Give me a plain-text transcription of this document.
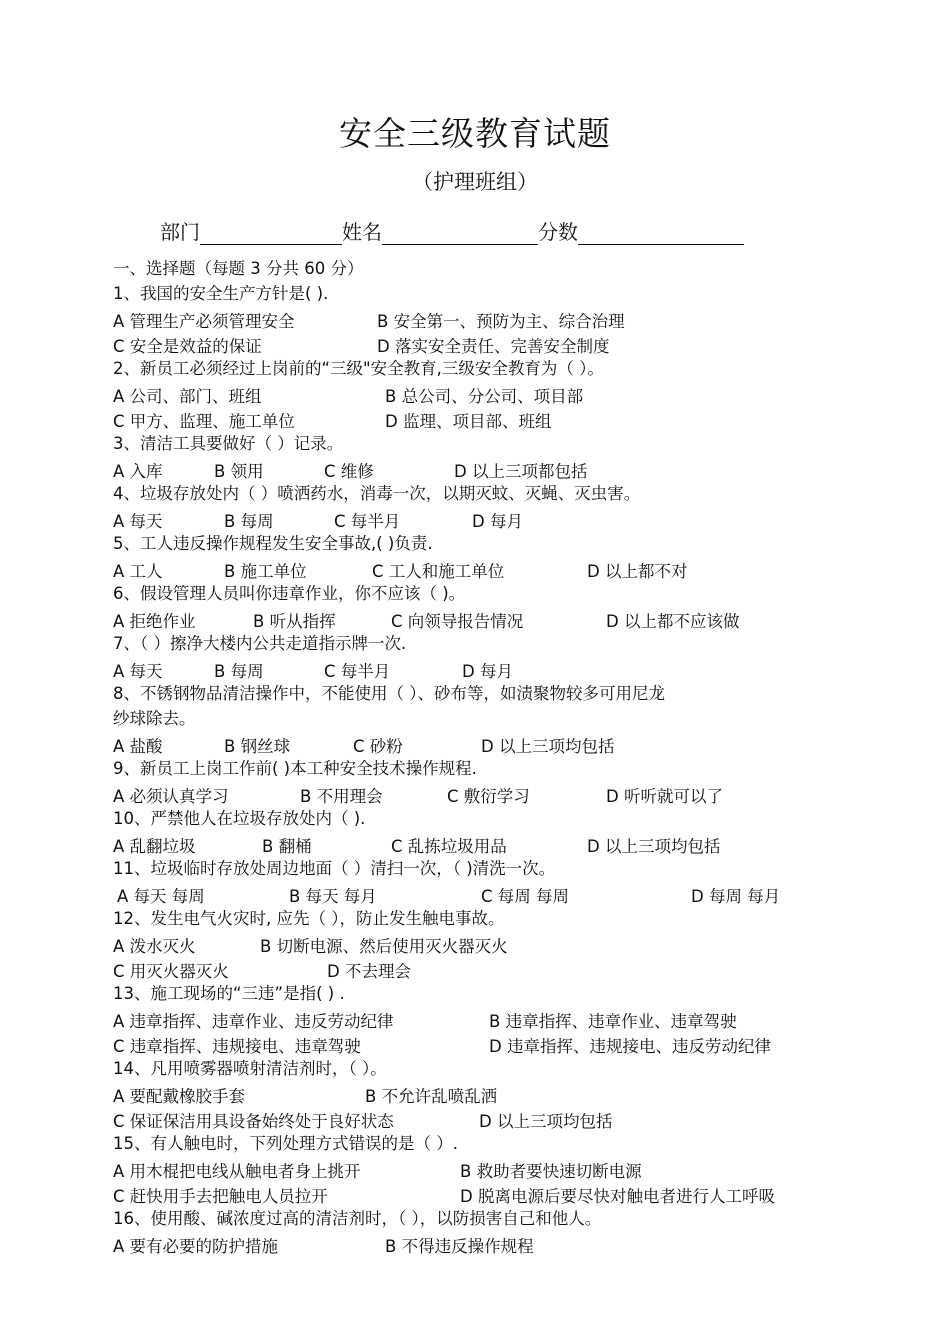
安全三级教育试题
（护理班组）
部门	姓名	分数
一、选择题（每题 3 分共 60 分）
1、我国的安全生产方针是( ).
A 管理生产必须管理安全	B 安全第一、预防为主、综合治理
C 安全是效益的保证	D 落实安全责任、完善安全制度
2、新员工必须经过上岗前的“三级"安全教育,三级安全教育为（ ）。
A 公司、部门、班组	B 总公司、分公司、项目部
C 甲方、监理、施工单位	D 监理、项目部、班组
3、清洁工具要做好（ ）记录。
A 入库	B 领用	C 维修	D 以上三项都包括
4、垃圾存放处内（ ）喷洒药水，消毒一次，以期灭蚊、灭蝇、灭虫害。
A 每天	B 每周	C 每半月	D 每月
5、工人违反操作规程发生安全事故,( )负责.
A 工人	B 施工单位	C 工人和施工单位	D 以上都不对
6、假设管理人员叫你违章作业，你不应该（ )。
A 拒绝作业	B 听从指挥	C 向领导报告情况	D 以上都不应该做
7、（ ）擦净大楼内公共走道指示牌一次.
A 每天	B 每周	C 每半月	D 每月
8、不锈钢物品清洁操作中，不能使用（ ）、砂布等，如渍聚物较多可用尼龙
纱球除去。
A 盐酸	B 钢丝球	C 砂粉	D 以上三项均包括
9、新员工上岗工作前( )本工种安全技术操作规程.
A 必须认真学习	B 不用理会	C 敷衍学习	D 听听就可以了
10、严禁他人在垃圾存放处内（ ).
A 乱翻垃圾	B 翻桶	C 乱拣垃圾用品	D 以上三项均包括
11、垃圾临时存放处周边地面（ ）清扫一次，（ )清洗一次。
A 每天 每周	B 每天 每月	C 每周 每周	D 每周 每月
12、发生电气火灾时, 应先（ ），防止发生触电事故。
A 泼水灭火	B 切断电源、然后使用灭火器灭火
C 用灭火器灭火	D 不去理会
13、施工现场的“三违”是指( ) .
A 违章指挥、违章作业、违反劳动纪律	B 违章指挥、违章作业、违章驾驶
C 违章指挥、违规接电、违章驾驶	D 违章指挥、违规接电、违反劳动纪律
14、凡用喷雾器喷射清洁剂时，（ ）。
A 要配戴橡胶手套	B 不允许乱喷乱洒
C 保证保洁用具设备始终处于良好状态	D 以上三项均包括
15、有人触电时，下列处理方式错误的是（ ）.
A 用木棍把电线从触电者身上挑开	B 救助者要快速切断电源
C 赶快用手去把触电人员拉开	D 脱离电源后要尽快对触电者进行人工呼吸
16、使用酸、碱浓度过高的清洁剂时，（ ），以防损害自己和他人。
A 要有必要的防护措施	B 不得违反操作规程
